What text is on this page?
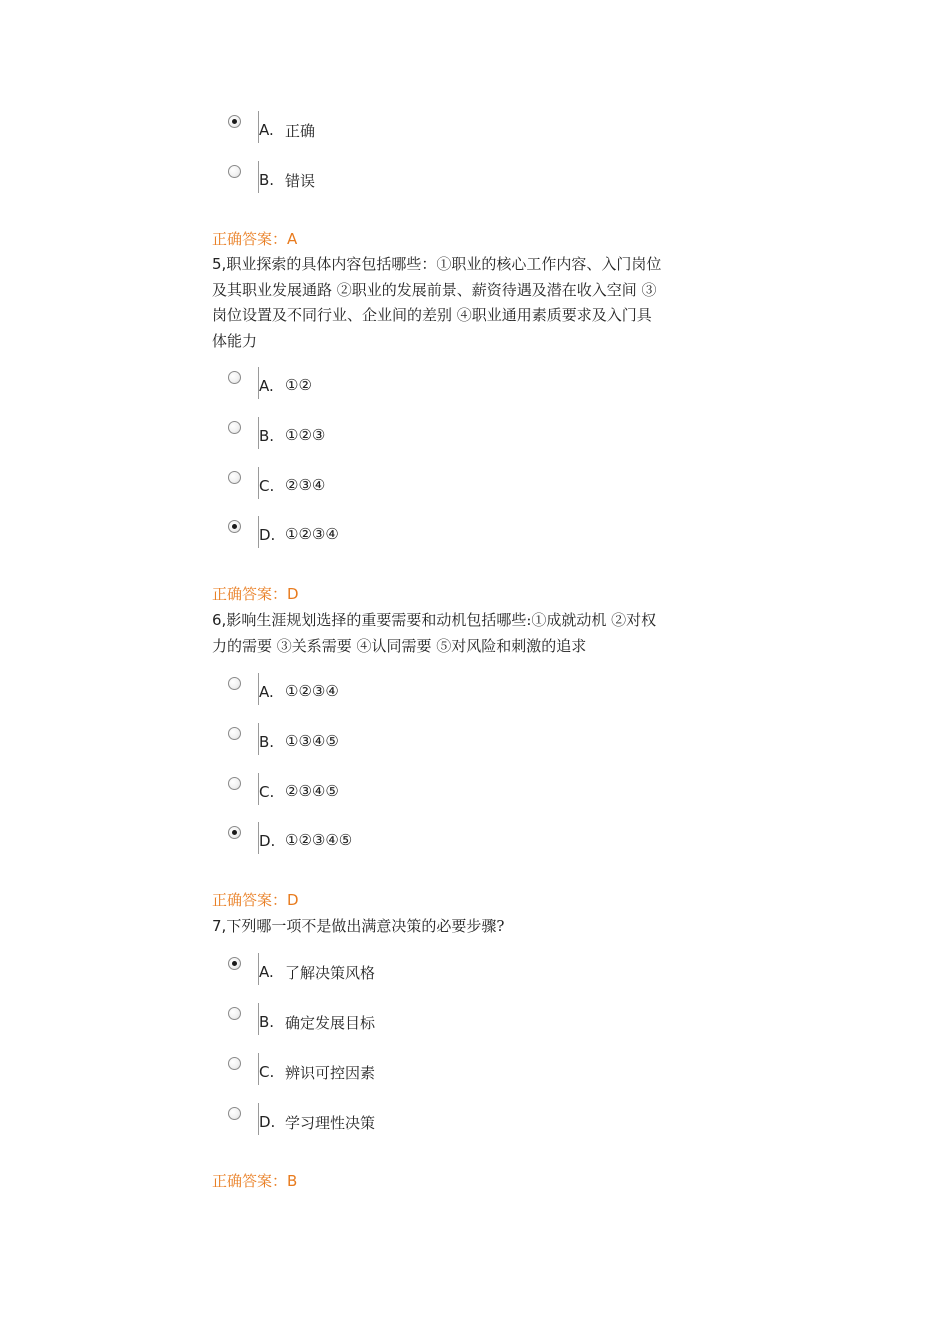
A. 正确
B. 错误
正确答案：A
5,职业探索的具体内容包括哪些：①职业的核心工作内容、入门岗位
及其职业发展通路 ②职业的发展前景、薪资待遇及潜在收入空间 ③
岗位设置及不同行业、企业间的差别 ④职业通用素质要求及入门具
体能力
A. ①②
B. ①②③
C. ②③④
D. ①②③④
正确答案：D
6,影响生涯规划选择的重要需要和动机包括哪些:①成就动机 ②对权
力的需要 ③关系需要 ④认同需要 ⑤对风险和刺激的追求
A. ①②③④
B. ①③④⑤
C. ②③④⑤
D. ①②③④⑤
正确答案：D
7,下列哪一项不是做出满意决策的必要步骤?
A. 了解决策风格
B. 确定发展目标
C. 辨识可控因素
D. 学习理性决策
正确答案：B
